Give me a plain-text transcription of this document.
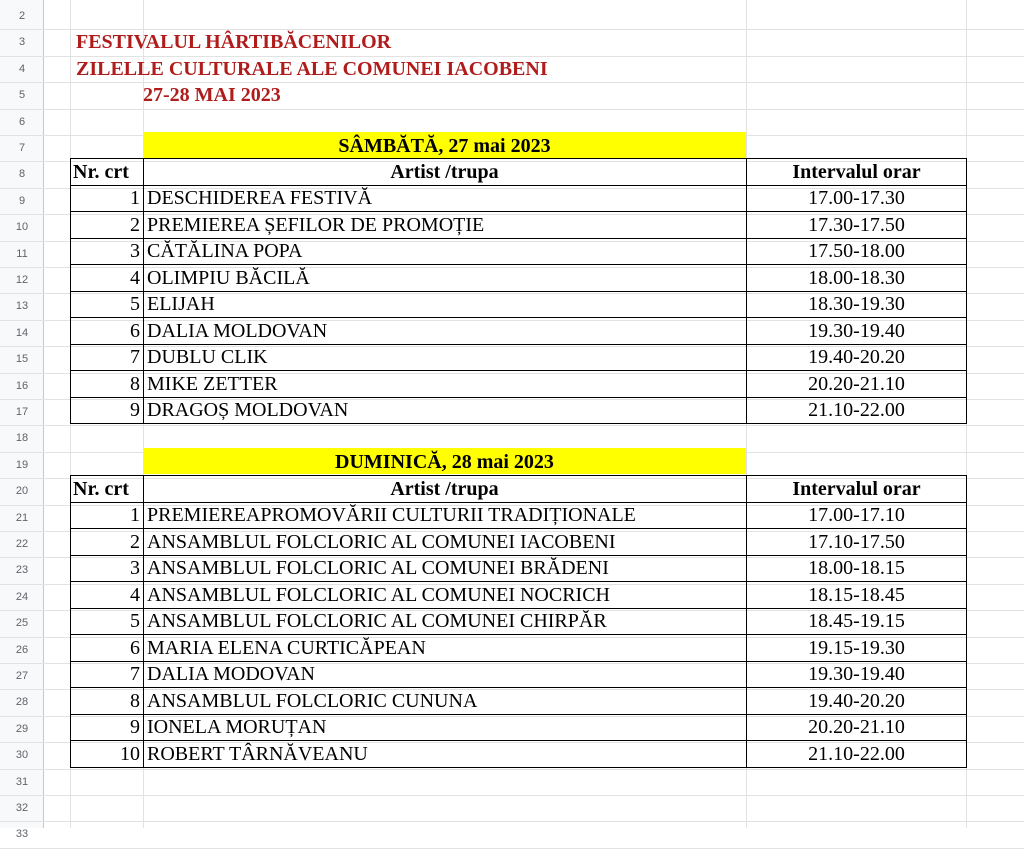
2
3
4
5
6
7
8
9
10
11
12
13
14
15
16
17
18
19
20
21
22
23
24
25
26
27
28
29
30
31
32
33
FESTIVALUL HÂRTIBĂCENILOR
ZILELLE CULTURALE ALE COMUNEI IACOBENI
27-28 MAI 2023
SÂMBĂTĂ, 27 mai 2023
Nr. crt	Artist /trupa	Intervalul orar
1	DESCHIDEREA FESTIVĂ	17.00-17.30
2	PREMIEREA ȘEFILOR DE PROMOȚIE	17.30-17.50
3	CĂTĂLINA POPA	17.50-18.00
4	OLIMPIU BĂCILĂ	18.00-18.30
5	ELIJAH	18.30-19.30
6	DALIA MOLDOVAN	19.30-19.40
7	DUBLU CLIK	19.40-20.20
8	MIKE ZETTER	20.20-21.10
9	DRAGOȘ MOLDOVAN	21.10-22.00
DUMINICĂ, 28 mai 2023
Nr. crt	Artist /trupa	Intervalul orar
1	PREMIEREAPROMOVĂRII CULTURII TRADIȚIONALE	17.00-17.10
2	ANSAMBLUL FOLCLORIC AL COMUNEI IACOBENI	17.10-17.50
3	ANSAMBLUL FOLCLORIC AL COMUNEI BRĂDENI	18.00-18.15
4	ANSAMBLUL FOLCLORIC AL COMUNEI NOCRICH	18.15-18.45
5	ANSAMBLUL FOLCLORIC AL COMUNEI CHIRPĂR	18.45-19.15
6	MARIA ELENA CURTICĂPEAN	19.15-19.30
7	DALIA MODOVAN	19.30-19.40
8	ANSAMBLUL FOLCLORIC CUNUNA	19.40-20.20
9	IONELA MORUȚAN	20.20-21.10
10	ROBERT TÂRNĂVEANU	21.10-22.00
